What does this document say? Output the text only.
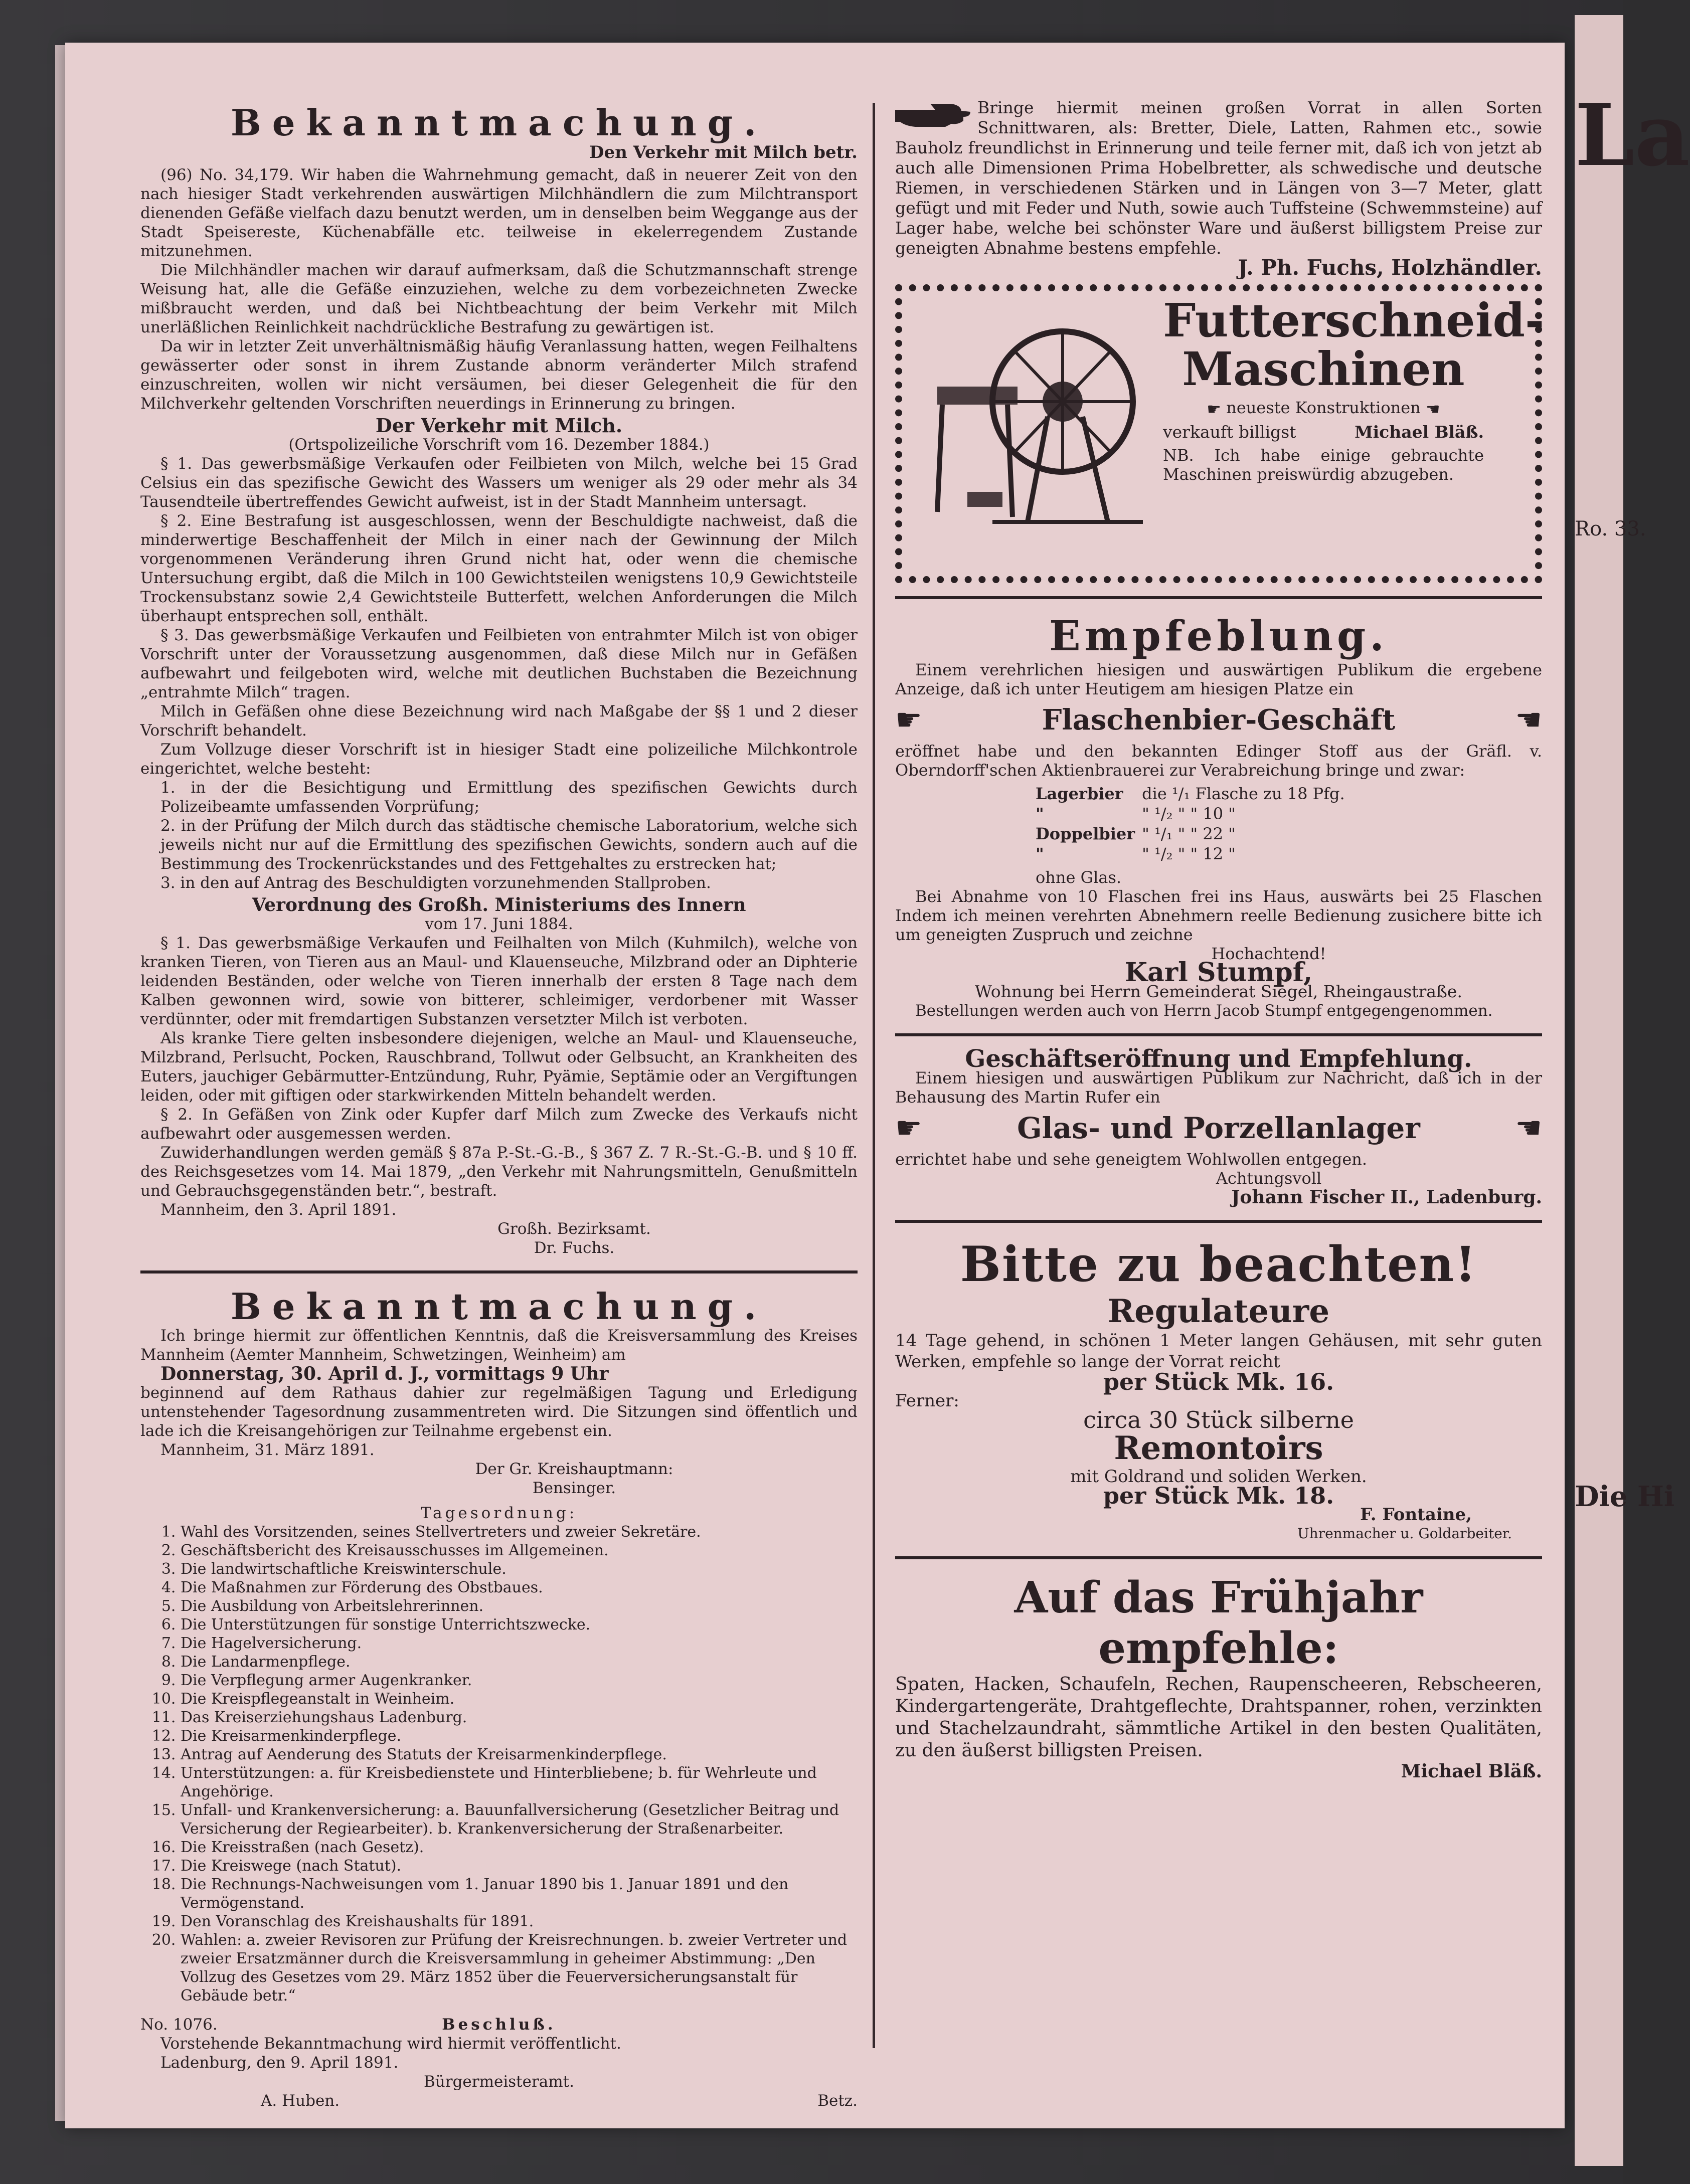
Bekanntmachung.

Den Verkehr mit Milch betr.

(96) No. 34,179. Wir haben die Wahrnehmung gemacht, daß in neuerer Zeit von den nach hiesiger Stadt verkehrenden auswärtigen Milchhändlern die zum Milchtransport dienenden Gefäße vielfach dazu benutzt werden, um in denselben beim Weggange aus der Stadt Speisereste, Küchenabfälle etc. teilweise in ekelerregendem Zustande mitzunehmen.

Die Milchhändler machen wir darauf aufmerksam, daß die Schutzmannschaft strenge Weisung hat, alle die Gefäße einzuziehen, welche zu dem vorbezeichneten Zwecke mißbraucht werden, und daß bei Nichtbeachtung der beim Verkehr mit Milch unerläßlichen Reinlichkeit nachdrückliche Bestrafung zu gewärtigen ist.

Da wir in letzter Zeit unverhältnismäßig häufig Veranlassung hatten, wegen Feilhaltens gewässerter oder sonst in ihrem Zustande abnorm veränderter Milch strafend einzuschreiten, wollen wir nicht versäumen, bei dieser Gelegenheit die für den Milchverkehr geltenden Vorschriften neuerdings in Erinnerung zu bringen.

Der Verkehr mit Milch.

(Ortspolizeiliche Vorschrift vom 16. Dezember 1884.)

§ 1. Das gewerbsmäßige Verkaufen oder Feilbieten von Milch, welche bei 15 Grad Celsius ein das spezifische Gewicht des Wassers um weniger als 29 oder mehr als 34 Tausendteile übertreffendes Gewicht aufweist, ist in der Stadt Mannheim untersagt.

§ 2. Eine Bestrafung ist ausgeschlossen, wenn der Beschuldigte nachweist, daß die minderwertige Beschaffenheit der Milch in einer nach der Gewinnung der Milch vorgenommenen Veränderung ihren Grund nicht hat, oder wenn die chemische Untersuchung ergibt, daß die Milch in 100 Gewichtsteilen wenigstens 10,9 Gewichtsteile Trockensubstanz sowie 2,4 Gewichtsteile Butterfett, welchen Anforderungen die Milch überhaupt entsprechen soll, enthält.

§ 3. Das gewerbsmäßige Verkaufen und Feilbieten von entrahmter Milch ist von obiger Vorschrift unter der Voraussetzung ausgenommen, daß diese Milch nur in Gefäßen aufbewahrt und feilgeboten wird, welche mit deutlichen Buchstaben die Bezeichnung „entrahmte Milch“ tragen.

Milch in Gefäßen ohne diese Bezeichnung wird nach Maßgabe der §§ 1 und 2 dieser Vorschrift behandelt.

Zum Vollzuge dieser Vorschrift ist in hiesiger Stadt eine polizeiliche Milchkontrole eingerichtet, welche besteht:

1. in der die Besichtigung und Ermittlung des spezifischen Gewichts durch Polizeibeamte umfassenden Vorprüfung;

2. in der Prüfung der Milch durch das städtische chemische Laboratorium, welche sich jeweils nicht nur auf die Ermittlung des spezifischen Gewichts, sondern auch auf die Bestimmung des Trockenrückstandes und des Fettgehaltes zu erstrecken hat;

3. in den auf Antrag des Beschuldigten vorzunehmenden Stallproben.

Verordnung des Großh. Ministeriums des Innern

vom 17. Juni 1884.

§ 1. Das gewerbsmäßige Verkaufen und Feilhalten von Milch (Kuhmilch), welche von kranken Tieren, von Tieren aus an Maul- und Klauenseuche, Milzbrand oder an Diphterie leidenden Beständen, oder welche von Tieren innerhalb der ersten 8 Tage nach dem Kalben gewonnen wird, sowie von bitterer, schleimiger, verdorbener mit Wasser verdünnter, oder mit fremdartigen Substanzen versetzter Milch ist verboten.

Als kranke Tiere gelten insbesondere diejenigen, welche an Maul- und Klauenseuche, Milzbrand, Perlsucht, Pocken, Rauschbrand, Tollwut oder Gelbsucht, an Krankheiten des Euters, jauchiger Gebärmutter-Entzündung, Ruhr, Pyämie, Septämie oder an Vergiftungen leiden, oder mit giftigen oder starkwirkenden Mitteln behandelt werden.

§ 2. In Gefäßen von Zink oder Kupfer darf Milch zum Zwecke des Verkaufs nicht aufbewahrt oder ausgemessen werden.

Zuwiderhandlungen werden gemäß § 87a P.-St.-G.-B., § 367 Z. 7 R.-St.-G.-B. und § 10 ff. des Reichsgesetzes vom 14. Mai 1879, „den Verkehr mit Nahrungsmitteln, Genußmitteln und Gebrauchsgegenständen betr.“, bestraft.

Mannheim, den 3. April 1891.

Großh. Bezirksamt.

Dr. Fuchs.

Bekanntmachung.

Ich bringe hiermit zur öffentlichen Kenntnis, daß die Kreisversammlung des Kreises Mannheim (Aemter Mannheim, Schwetzingen, Weinheim) am

Donnerstag, 30. April d. J., vormittags 9 Uhr

beginnend auf dem Rathaus dahier zur regelmäßigen Tagung und Erledigung untenstehender Tagesordnung zusammentreten wird. Die Sitzungen sind öffentlich und lade ich die Kreisangehörigen zur Teilnahme ergebenst ein.

Mannheim, 31. März 1891.

Der Gr. Kreishauptmann:

Bensinger.

Tagesordnung:

1. Wahl des Vorsitzenden, seines Stellvertreters und zweier Sekretäre.
2. Geschäftsbericht des Kreisausschusses im Allgemeinen.
3. Die landwirtschaftliche Kreiswinterschule.
4. Die Maßnahmen zur Förderung des Obstbaues.
5. Die Ausbildung von Arbeitslehrerinnen.
6. Die Unterstützungen für sonstige Unterrichtszwecke.
7. Die Hagelversicherung.
8. Die Landarmenpflege.
9. Die Verpflegung armer Augenkranker.
10. Die Kreispflegeanstalt in Weinheim.
11. Das Kreiserziehungshaus Ladenburg.
12. Die Kreisarmenkinderpflege.
13. Antrag auf Aenderung des Statuts der Kreisarmenkinderpflege.
14. Unterstützungen: a. für Kreisbedienstete und Hinterbliebene; b. für Wehrleute und Angehörige.
15. Unfall- und Krankenversicherung: a. Bauunfallversicherung (Gesetzlicher Beitrag und Versicherung der Regiearbeiter). b. Krankenversicherung der Straßenarbeiter.
16. Die Kreisstraßen (nach Gesetz).
17. Die Kreiswege (nach Statut).
18. Die Rechnungs-Nachweisungen vom 1. Januar 1890 bis 1. Januar 1891 und den Vermögenstand.
19. Den Voranschlag des Kreishaushalts für 1891.
20. Wahlen: a. zweier Revisoren zur Prüfung der Kreisrechnungen. b. zweier Vertreter und zweier Ersatzmänner durch die Kreisversammlung in geheimer Abstimmung: „Den Vollzug des Gesetzes vom 29. März 1852 über die Feuerversicherungsanstalt für Gebäude betr.“

No. 1076.	Beschluß.

Vorstehende Bekanntmachung wird hiermit veröffentlicht.

Ladenburg, den 9. April 1891.

Bürgermeisteramt.

A. Huben.	Betz.

Bringe hiermit meinen großen Vorrat in allen Sorten Schnittwaren, als: Bretter, Diele, Latten, Rahmen etc., sowie Bauholz freundlichst in Erinnerung und teile ferner mit, daß ich von jetzt ab auch alle Dimensionen Prima Hobelbretter, als schwedische und deutsche Riemen, in verschiedenen Stärken und in Längen von 3—7 Meter, glatt gefügt und mit Feder und Nuth, sowie auch Tuffsteine (Schwemmsteine) auf Lager habe, welche bei schönster Ware und äußerst billigstem Preise zur geneigten Abnahme bestens empfehle.

J. Ph. Fuchs, Holzhändler.

Futterschneid-

Maschinen

☛ neueste Konstruktionen ☚

verkauft billigst	Michael Bläß.

NB. Ich habe einige gebrauchte Maschinen preiswürdig abzugeben.

Empfeblung.

Einem verehrlichen hiesigen und auswärtigen Publikum die ergebene Anzeige, daß ich unter Heutigem am hiesigen Platze ein

☛	Flaschenbier-Geschäft	☚

eröffnet habe und den bekannten Edinger Stoff aus der Gräfl. v. Oberndorff'schen Aktienbrauerei zur Verabreichung bringe und zwar:

Lagerbier	die ¹/₁ Flasche zu 18 Pfg.
"	" ¹/₂ " " 10 "
Doppelbier	" ¹/₁ " " 22 "
"	" ¹/₂ " " 12 "

ohne Glas.

Bei Abnahme von 10 Flaschen frei ins Haus, auswärts bei 25 Flaschen Indem ich meinen verehrten Abnehmern reelle Bedienung zusichere bitte ich um geneigten Zuspruch und zeichne

Hochachtend!

Karl Stumpf,

Wohnung bei Herrn Gemeinderat Siegel, Rheingaustraße.

Bestellungen werden auch von Herrn Jacob Stumpf entgegengenommen.

Geschäftseröffnung und Empfehlung.

Einem hiesigen und auswärtigen Publikum zur Nachricht, daß ich in der Behausung des Martin Rufer ein

☛	Glas- und Porzellanlager	☚

errichtet habe und sehe geneigtem Wohlwollen entgegen.

Achtungsvoll

Johann Fischer II., Ladenburg.

Bitte zu beachten!

Regulateure

14 Tage gehend, in schönen 1 Meter langen Gehäusen, mit sehr guten Werken, empfehle so lange der Vorrat reicht

per Stück Mk. 16.

Ferner:

circa 30 Stück silberne

Remontoirs

mit Goldrand und soliden Werken.

per Stück Mk. 18.

F. Fontaine,

Uhrenmacher u. Goldarbeiter.

Auf das Frühjahr empfehle:

Spaten, Hacken, Schaufeln, Rechen, Raupenscheeren, Rebscheeren, Kindergartengeräte, Drahtgeflechte, Drahtspanner, rohen, verzinkten und Stachelzaundraht, sämmtliche Artikel in den besten Qualitäten, zu den äußerst billigsten Preisen.

Michael Bläß.

La
Ro. 33.
Die Hi
